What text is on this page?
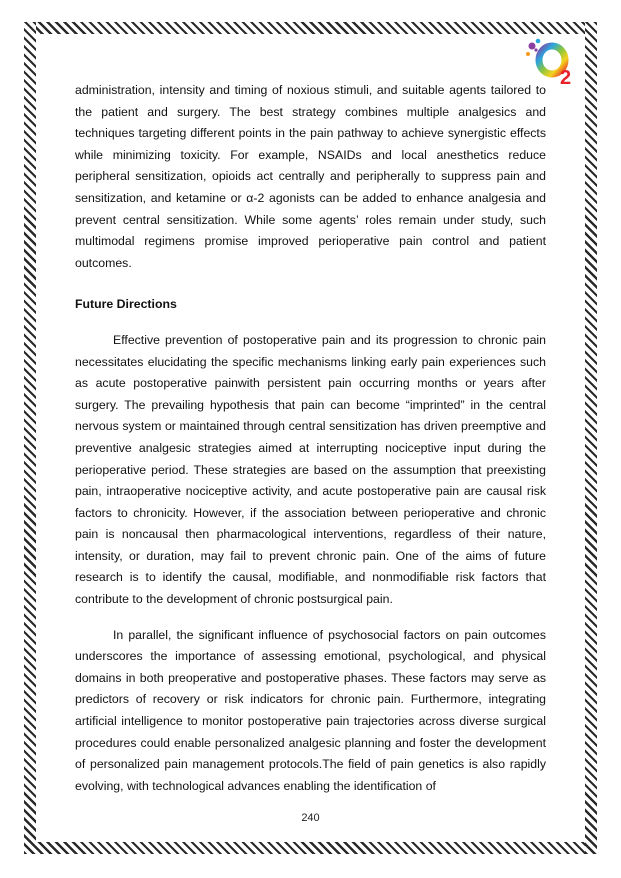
2

administration, intensity and timing of noxious stimuli, and suitable agents tailored to the patient and surgery. The best strategy combines multiple analgesics and techniques targeting different points in the pain pathway to achieve synergistic effects while minimizing toxicity. For example, NSAIDs and local anesthetics reduce peripheral sensitization, opioids act centrally and peripherally to suppress pain and sensitization, and ketamine or α-2 agonists can be added to enhance analgesia and prevent central sensitization. While some agents’ roles remain under study, such multimodal regimens promise improved perioperative pain control and patient outcomes.

Future Directions

Effective prevention of postoperative pain and its progression to chronic pain necessitates elucidating the specific mechanisms linking early pain experiences such as acute postoperative painwith persistent pain occurring months or years after surgery. The prevailing hypothesis that pain can become “imprinted” in the central nervous system or maintained through central sensitization has driven preemptive and preventive analgesic strategies aimed at interrupting nociceptive input during the perioperative period. These strategies are based on the assumption that preexisting pain, intraoperative nociceptive activity, and acute postoperative pain are causal risk factors to chronicity. However, if the association between perioperative and chronic pain is noncausal then pharmacological interventions, regardless of their nature, intensity, or duration, may fail to prevent chronic pain. One of the aims of future research is to identify the causal, modifiable, and nonmodifiable risk factors that contribute to the development of chronic postsurgical pain.

In parallel, the significant influence of psychosocial factors on pain outcomes underscores the importance of assessing emotional, psychological, and physical domains in both preoperative and postoperative phases. These factors may serve as predictors of recovery or risk indicators for chronic pain. Furthermore, integrating artificial intelligence to monitor postoperative pain trajectories across diverse surgical procedures could enable personalized analgesic planning and foster the development of personalized pain management protocols.The field of pain genetics is also rapidly evolving, with technological advances enabling the identification of

240
